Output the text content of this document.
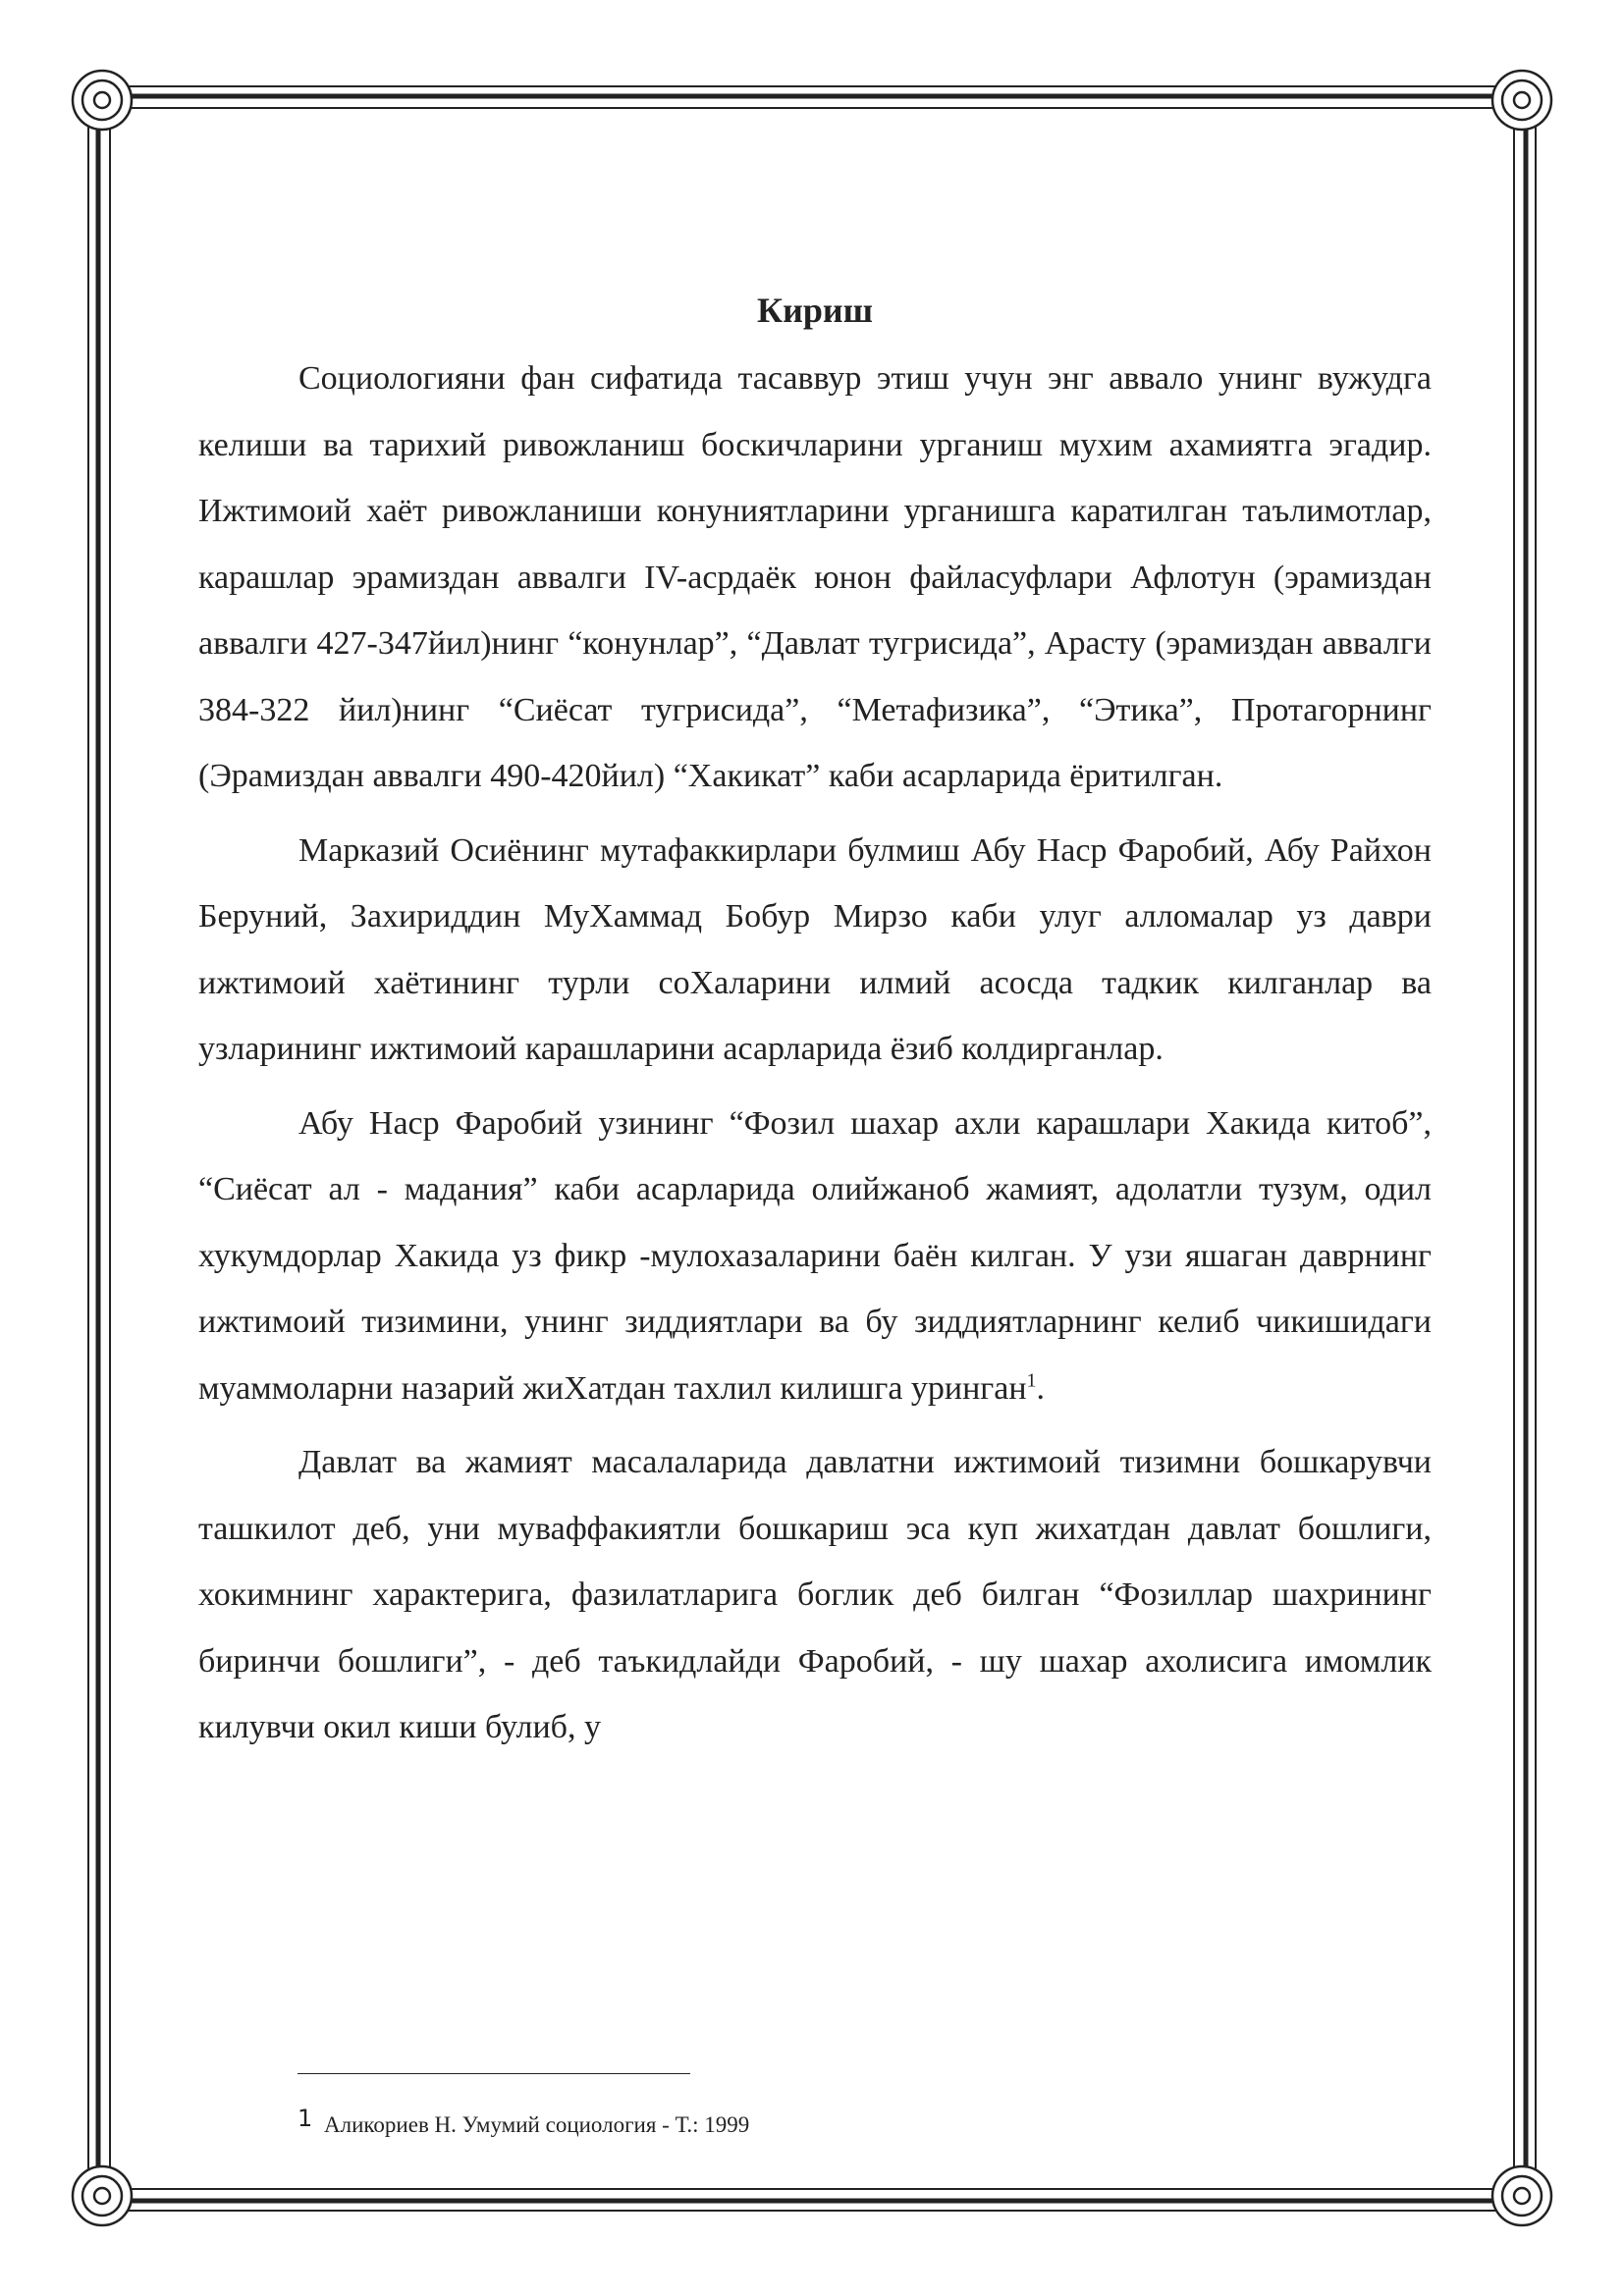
Кириш

Социологияни фан сифатида тасаввур этиш учун энг аввало унинг вужудга келиши ва тарихий ривожланиш боскичларини урганиш мухим ахамиятга эгадир. Ижтимоий хаёт ривожланиши конуниятларини урганишга каратилган таълимотлар, карашлар эрамиздан аввалги IV-асрдаёк юнон файласуфлари Афлотун (эрамиздан аввалги 427-347йил)нинг “конунлар”, “Давлат тугрисида”, Арасту (эрамиздан аввалги 384-322 йил)нинг “Сиёсат тугрисида”, “Метафизика”, “Этика”, Протагорнинг (Эрамиздан аввалги 490-420йил) “Хакикат” каби асарларида ёритилган.

Марказий Осиёнинг мутафаккирлари булмиш Абу Наср Фаробий, Абу Райхон Беруний, Захириддин МуХаммад Бобур Мирзо каби улуг алломалар уз даври ижтимоий хаётининг турли соХаларини илмий асосда тадкик килганлар ва узларининг ижтимоий карашларини асарларида ёзиб колдирганлар.

Абу Наср Фаробий узининг “Фозил шахар ахли карашлари Хакида китоб”, “Сиёсат ал - мадания” каби асарларида олийжаноб жамият, адолатли тузум, одил хукумдорлар Хакида уз фикр -мулохазаларини баён килган. У узи яшаган даврнинг ижтимоий тизимини, унинг зиддиятлари ва бу зиддиятларнинг келиб чикишидаги муаммоларни назарий жиХатдан тахлил килишга уринган$^1$.

Давлат ва жамият масалаларида давлатни ижтимоий тизимни бошкарувчи ташкилот деб, уни муваффакиятли бошкариш эса куп жихатдан давлат бошлиги, хокимнинг характерига, фазилатларига боглик деб билган “Фозиллар шахрининг биринчи бошлиги”, - деб таъкидлайди Фаробий, - шу шахар ахолисига имомлик килувчи окил киши булиб, у

1 Аликориев Н. Умумий социология - Т.: 1999
